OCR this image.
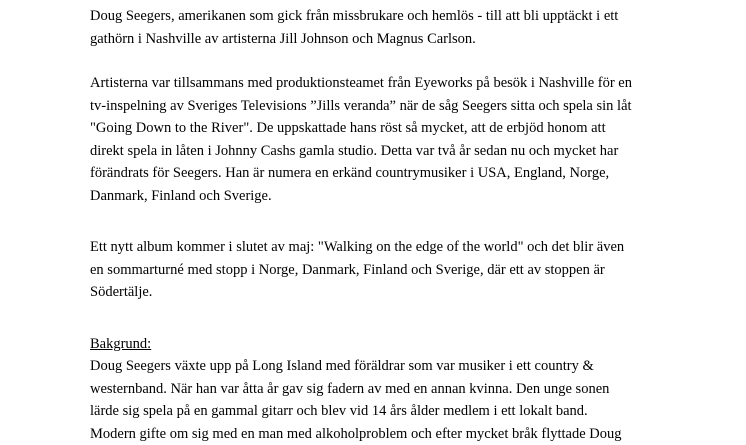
Doug Seegers, amerikanen som gick från missbrukare och hemlös - till att bli upptäckt i ett
gathörn i Nashville av artisterna Jill Johnson och Magnus Carlson.

Artisterna var tillsammans med produktionsteamet från Eyeworks på besök i Nashville för en
tv-inspelning av Sveriges Televisions ”Jills veranda” när de såg Seegers sitta och spela sin låt
"Going Down to the River". De uppskattade hans röst så mycket, att de erbjöd honom att
direkt spela in låten i Johnny Cashs gamla studio. Detta var två år sedan nu och mycket har
förändrats för Seegers. Han är numera en erkänd countrymusiker i USA, England, Norge,
Danmark, Finland och Sverige.

Ett nytt album kommer i slutet av maj: "Walking on the edge of the world" och det blir även
en sommarturné med stopp i Norge, Danmark, Finland och Sverige, där ett av stoppen är
Södertälje.

Bakgrund:
Doug Seegers växte upp på Long Island med föräldrar som var musiker i ett country &
westernband. När han var åtta år gav sig fadern av med en annan kvinna. Den unge sonen
lärde sig spela på en gammal gitarr och blev vid 14 års ålder medlem i ett lokalt band.
Modern gifte om sig med en man med alkoholproblem och efter mycket bråk flyttade Doug
